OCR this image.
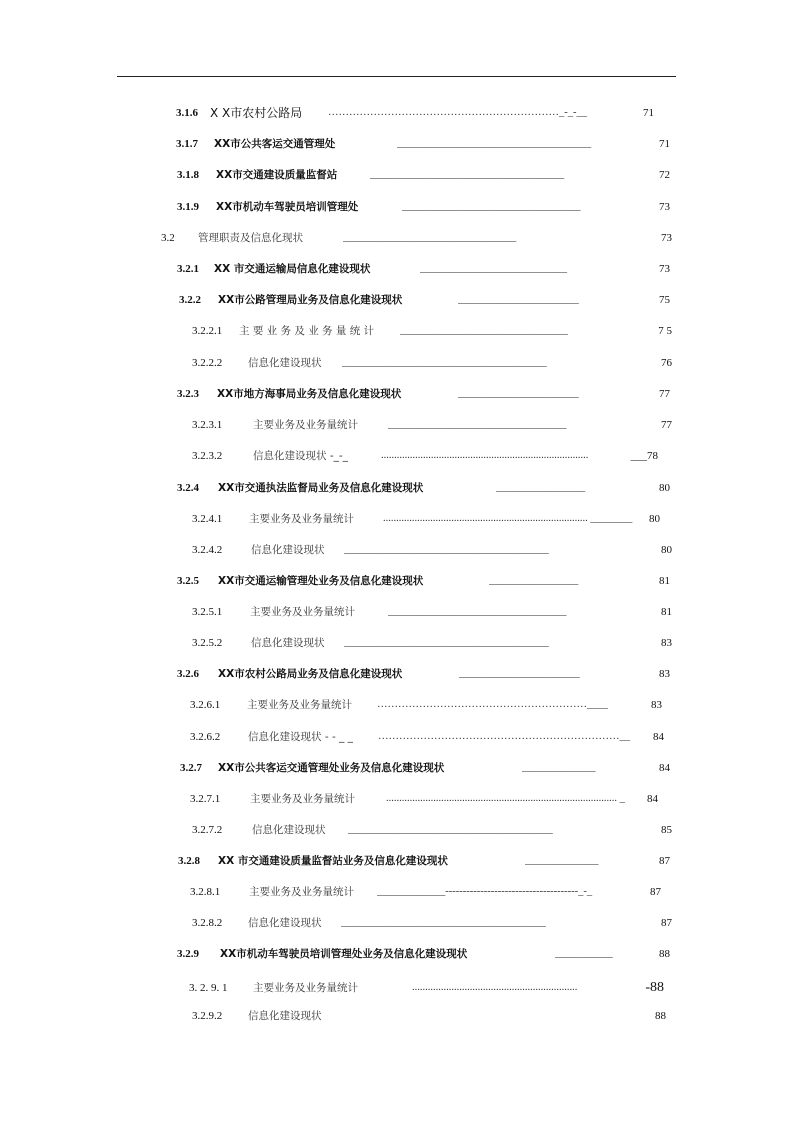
3.1.6 X X市农村公路局 …………………………………………………………_-_-__	71
3.1.7 XX市公共客运交通管理处	_____________________________________	71
3.1.8 XX市交通建设质量监督站	_____________________________________	72
3.1.9 XX市机动车驾驶员培训管理处	__________________________________	73
3.2 管理职责及信息化现状	_________________________________	73
3.2.1 XX 市交通运输局信息化建设现状	____________________________	73
3.2.2 XX市公路管理局业务及信息化建设现状	_______________________	75
3.2.2.1 主 要 业 务 及 业 务 量 统 计 ________________________________	7 5
3.2.2.2 信息化建设现状 _______________________________________	76
3.2.3 XX市地方海事局业务及信息化建设现状	_______________________	77
3.2.3.1	主要业务及业务量统计	__________________________________	77
3.2.3.2	信息化建设现状 -_-_	...............................................................................	___78
3.2.4 XX市交通执法监督局业务及信息化建设现状	_________________	80
3.2.4.1	主要业务及业务量统计	.............................................................................. ________	80
3.2.4.2	信息化建设现状 _______________________________________	80
3.2.5 XX市交通运输管理处业务及信息化建设现状	_________________	81
3.2.5.1	主要业务及业务量统计	__________________________________	81
3.2.5.2	信息化建设现状 _______________________________________	83
3.2.6 XX市农村公路局业务及信息化建设现状	_______________________	83
3.2.6.1	主要业务及业务量统计 ……………………………………………………____	83
3.2.6.2	信息化建设现状 - - _ _ ……………………………………………………………__	84
3.2.7 XX市公共客运交通管理处业务及信息化建设现状	______________	84
3.2.7.1	主要业务及业务量统计	........................................................................................ _	84
3.2.7.2	信息化建设现状 _______________________________________	85
3.2.8 XX 市交通建设质量监督站业务及信息化建设现状	______________	87
3.2.8.1	主要业务及业务量统计 _____________--------------------------------------_-_	87
3.2.8.2 信息化建设现状 _______________________________________	87
3.2.9 XX市机动车驾驶员培训管理处业务及信息化建设现状	___________	88
3. 2. 9. 1 主要业务及业务量统计	...............................................................	-88
3.2.9.2 信息化建设现状	88
